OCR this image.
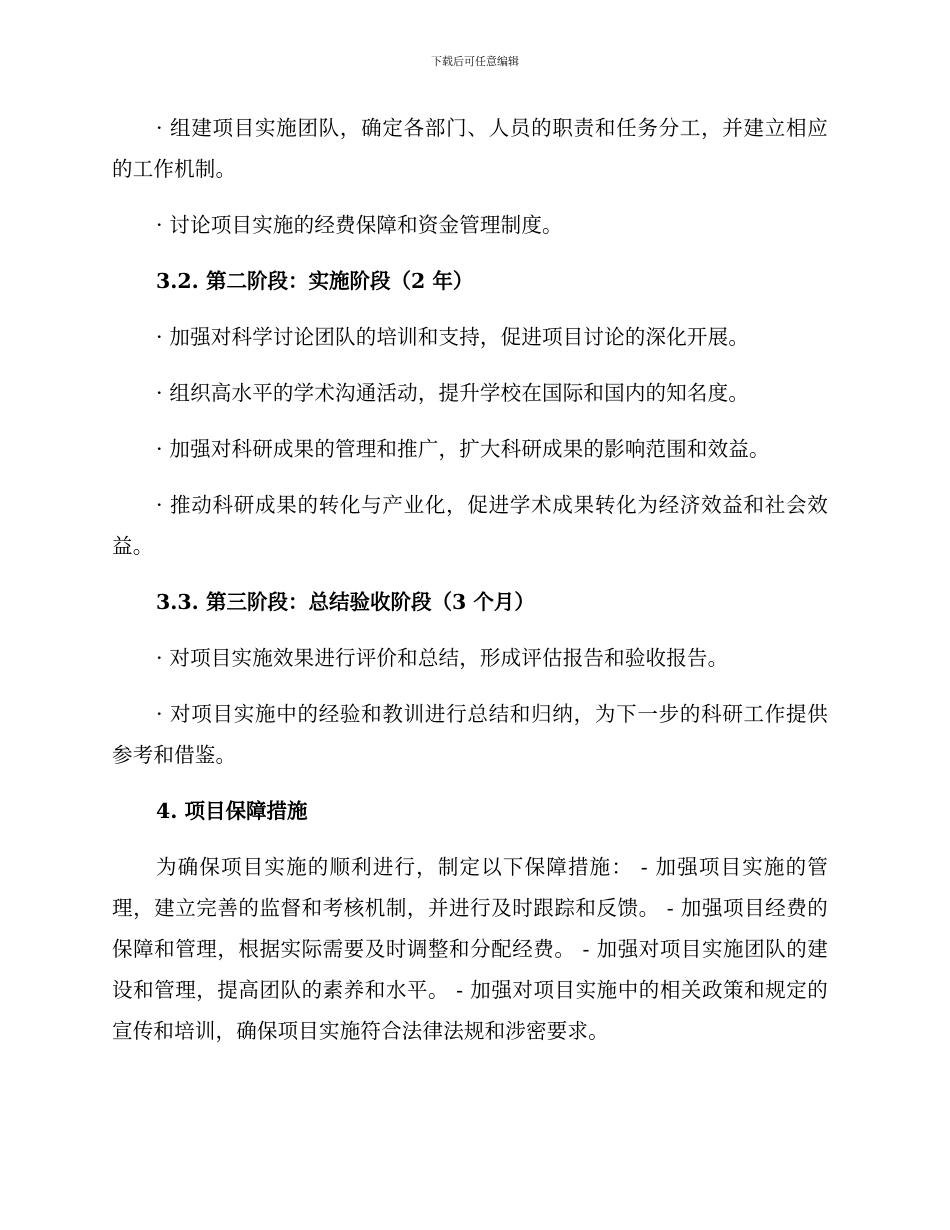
下载后可任意编辑

· 组建项目实施团队，确定各部门、人员的职责和任务分工，并建立相应的工作机制。

· 讨论项目实施的经费保障和资金管理制度。

3.2. 第二阶段：实施阶段（2 年）

· 加强对科学讨论团队的培训和支持，促进项目讨论的深化开展。

· 组织高水平的学术沟通活动，提升学校在国际和国内的知名度。

· 加强对科研成果的管理和推广，扩大科研成果的影响范围和效益。

· 推动科研成果的转化与产业化，促进学术成果转化为经济效益和社会效益。

3.3. 第三阶段：总结验收阶段（3 个月）

· 对项目实施效果进行评价和总结，形成评估报告和验收报告。

· 对项目实施中的经验和教训进行总结和归纳，为下一步的科研工作提供参考和借鉴。

4. 项目保障措施

为确保项目实施的顺利进行，制定以下保障措施： - 加强项目实施的管理，建立完善的监督和考核机制，并进行及时跟踪和反馈。 - 加强项目经费的保障和管理，根据实际需要及时调整和分配经费。 - 加强对项目实施团队的建设和管理，提高团队的素养和水平。 - 加强对项目实施中的相关政策和规定的宣传和培训，确保项目实施符合法律法规和涉密要求。
